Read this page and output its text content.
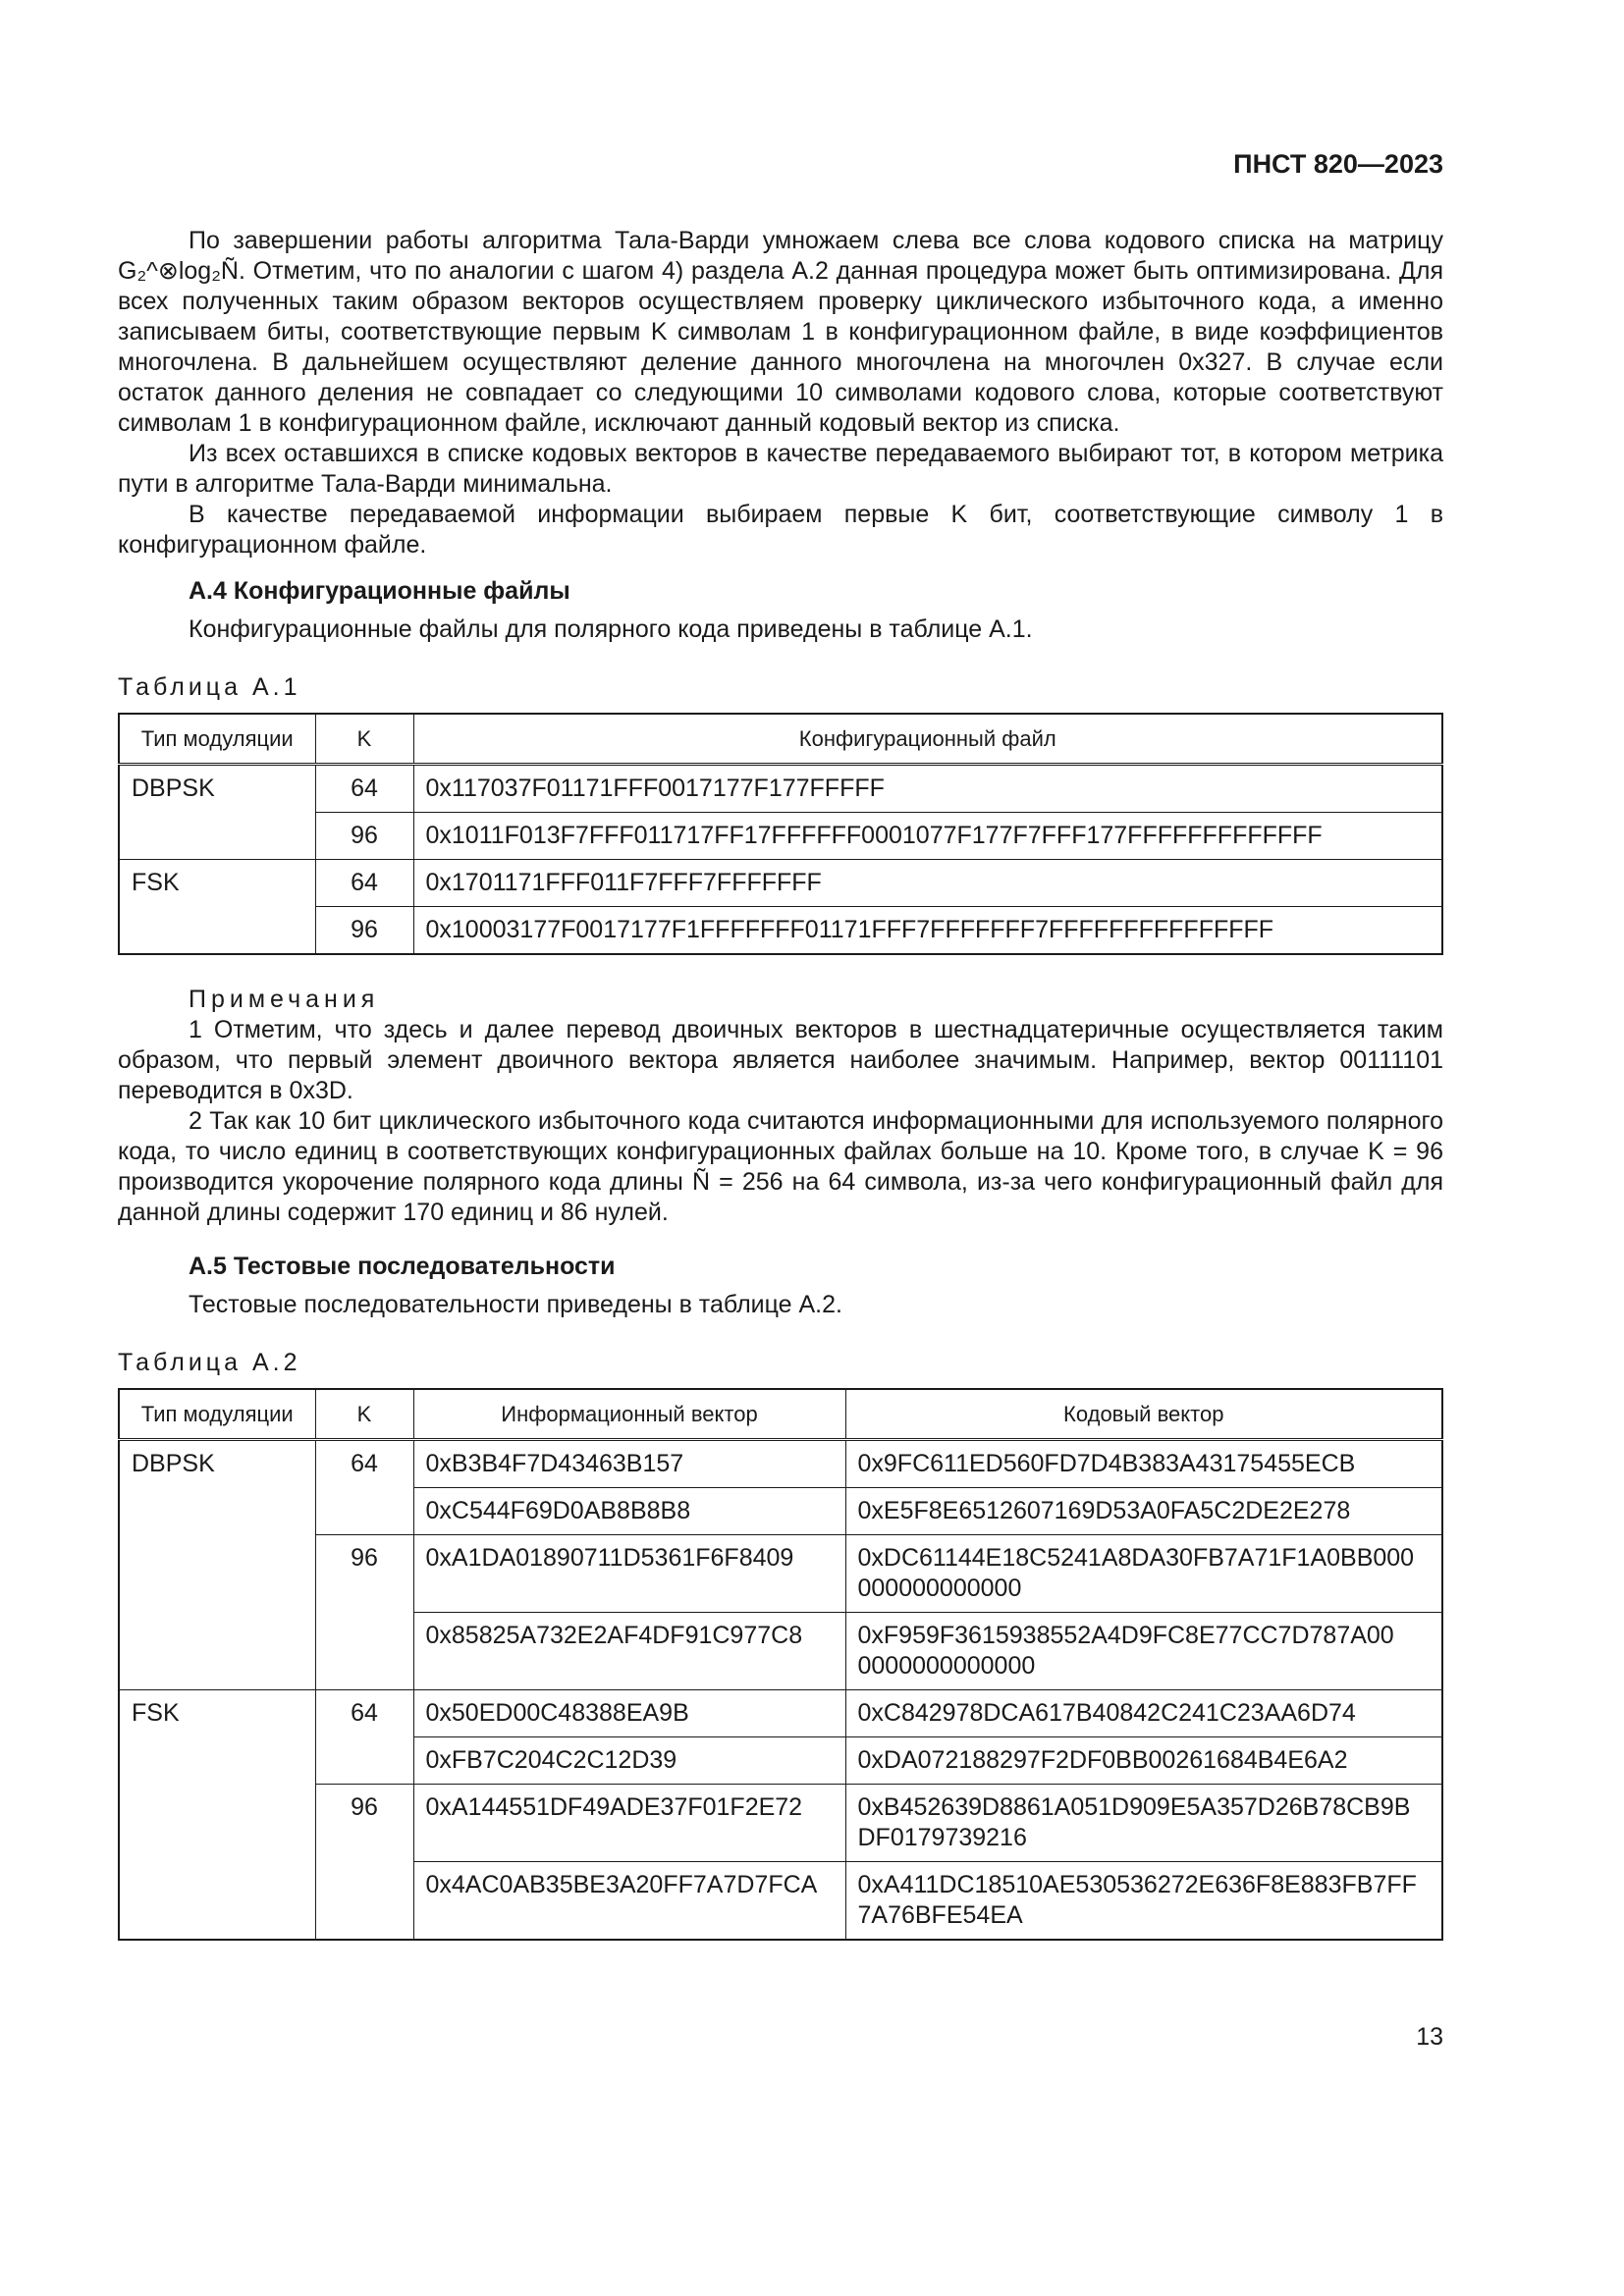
ПНСТ 820—2023

По завершении работы алгоритма Тала-Варди умножаем слева все слова кодового списка на матрицу G₂^⊗log₂Ñ. Отметим, что по аналогии с шагом 4) раздела А.2 данная процедура может быть оптимизирована. Для всех полученных таким образом векторов осуществляем проверку циклического избыточного кода, а именно записываем биты, соответствующие первым K символам 1 в конфигурационном файле, в виде коэффициентов многочлена. В дальнейшем осуществляют деление данного многочлена на многочлен 0x327. В случае если остаток данного деления не совпадает со следующими 10 символами кодового слова, которые соответствуют символам 1 в конфигурационном файле, исключают данный кодовый вектор из списка.

Из всех оставшихся в списке кодовых векторов в качестве передаваемого выбирают тот, в котором метрика пути в алгоритме Тала-Варди минимальна.

В качестве передаваемой информации выбираем первые K бит, соответствующие символу 1 в конфигурационном файле.

А.4 Конфигурационные файлы

Конфигурационные файлы для полярного кода приведены в таблице А.1.

Таблица А.1

Тип модуляции	K	Конфигурационный файл
DBPSK	64	0x117037F01171FFF0017177F177FFFFF
	96	0x1011F013F7FFF011717FF17FFFFFF0001077F177F7FFF177FFFFFFFFFFFFF
FSK	64	0x1701171FFF011F7FFF7FFFFFFF
	96	0x10003177F0017177F1FFFFFFF01171FFF7FFFFFFF7FFFFFFFFFFFFFFF

Примечания

1 Отметим, что здесь и далее перевод двоичных векторов в шестнадцатеричные осуществляется таким образом, что первый элемент двоичного вектора является наиболее значимым. Например, вектор 00111101 переводится в 0x3D.

2 Так как 10 бит циклического избыточного кода считаются информационными для используемого полярного кода, то число единиц в соответствующих конфигурационных файлах больше на 10. Кроме того, в случае K = 96 производится укорочение полярного кода длины Ñ = 256 на 64 символа, из-за чего конфигурационный файл для данной длины содержит 170 единиц и 86 нулей.

А.5 Тестовые последовательности

Тестовые последовательности приведены в таблице А.2.

Таблица А.2

Тип модуляции	K	Информационный вектор	Кодовый вектор
DBPSK	64	0xB3B4F7D43463B157	0x9FC611ED560FD7D4B383A43175455ECB
		0xC544F69D0AB8B8B8	0xE5F8E6512607169D53A0FA5C2DE2E278
	96	0xA1DA01890711D5361F6F8409	0xDC61144E18C5241A8DA30FB7A71F1A0BB000
000000000000
		0x85825A732E2AF4DF91C977C8	0xF959F3615938552A4D9FC8E77CC7D787A00
0000000000000
FSK	64	0x50ED00C48388EA9B	0xC842978DCA617B40842C241C23AA6D74
		0xFB7C204C2C12D39	0xDA072188297F2DF0BB00261684B4E6A2
	96	0xA144551DF49ADE37F01F2E72	0xB452639D8861A051D909E5A357D26B78CB9B
DF0179739216
		0x4AC0AB35BE3A20FF7A7D7FCA	0xA411DC18510AE530536272E636F8E883FB7FF
7A76BFE54EA
13
